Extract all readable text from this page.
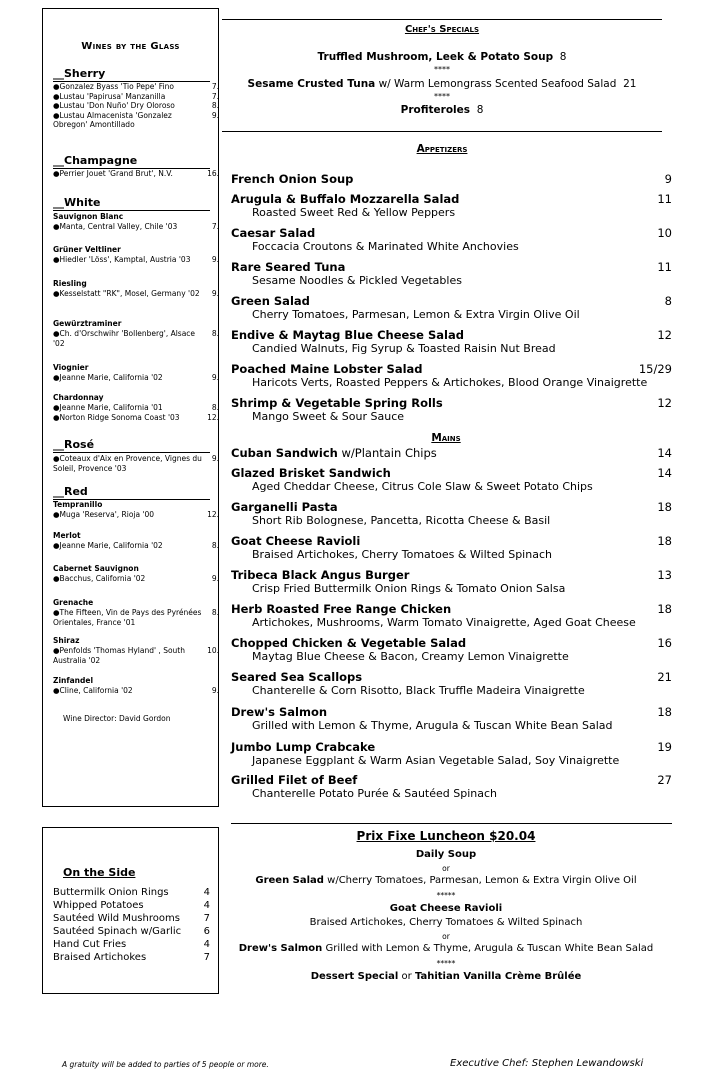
Wines by the Glass
__Sherry
●Gonzalez Byass 'Tio Pepe' Fino	7.
●Lustau 'Papirusa' Manzanilla	7.
●Lustau 'Don Nuño' Dry Oloroso	8.
●Lustau Almacenista 'Gonzalez Obregon' Amontillado
9.
__Champagne
●Perrier Jouet 'Grand Brut', N.V.	16.
__White
Sauvignon Blanc
●Manta, Central Valley, Chile '03	7.
Grüner Veltliner
●Hiedler 'Löss', Kamptal, Austria '03	9.
Riesling
●Kesselstatt "RK", Mosel, Germany '02	9.
Gewürztraminer
●Ch. d'Orschwihr 'Bollenberg', Alsace '02
8.
Viognier
●Jeanne Marie, California '02	9.
Chardonnay
●Jeanne Marie, California '01	8.
●Norton Ridge Sonoma Coast '03	12.
__Rosé
●Coteaux d'Aix en Provence, Vignes du Soleil, Provence '03
9.
__Red
Tempranillo
●Muga 'Reserva', Rioja '00	12.
Merlot
●Jeanne Marie, California '02	8.
Cabernet Sauvignon
●Bacchus, California '02	9.
Grenache
●The Fifteen, Vin de Pays des Pyrénées Orientales, France '01
8.
Shiraz
●Penfolds 'Thomas Hyland' , South Australia '02
10.
Zinfandel
●Cline, California '02	9.
Wine Director: David Gordon
On the Side
Buttermilk Onion Rings	4
Whipped Potatoes	4
Sautéed Wild Mushrooms 7
Sautéed Spinach w/Garlic 6
Hand Cut Fries	4
Braised Artichokes	7
Chef's Specials
Truffled Mushroom, Leek & Potato Soup 8
****
Sesame Crusted Tuna w/ Warm Lemongrass Scented Seafood Salad 21
****
Profiteroles 8
Appetizers
French Onion Soup	9
Arugula & Buffalo Mozzarella Salad
Roasted Sweet Red & Yellow Peppers
11
Caesar Salad
Foccacia Croutons & Marinated White Anchovies
10
Rare Seared Tuna
Sesame Noodles & Pickled Vegetables
11
Green Salad
Cherry Tomatoes, Parmesan, Lemon & Extra Virgin Olive Oil
8
Endive & Maytag Blue Cheese Salad
Candied Walnuts, Fig Syrup & Toasted Raisin Nut Bread
12
Poached Maine Lobster Salad
Haricots Verts, Roasted Peppers & Artichokes, Blood Orange Vinaigrette
15/29
Shrimp & Vegetable Spring Rolls
Mango Sweet & Sour Sauce
12
Mains
Cuban Sandwich w/Plantain Chips	14
Glazed Brisket Sandwich
Aged Cheddar Cheese, Citrus Cole Slaw & Sweet Potato Chips
14
Garganelli Pasta
Short Rib Bolognese, Pancetta, Ricotta Cheese & Basil
18
Goat Cheese Ravioli
Braised Artichokes, Cherry Tomatoes & Wilted Spinach
18
Tribeca Black Angus Burger
Crisp Fried Buttermilk Onion Rings & Tomato Onion Salsa
13
Herb Roasted Free Range Chicken
Artichokes, Mushrooms, Warm Tomato Vinaigrette, Aged Goat Cheese
18
Chopped Chicken & Vegetable Salad
Maytag Blue Cheese & Bacon, Creamy Lemon Vinaigrette
16
Seared Sea Scallops
Chanterelle & Corn Risotto, Black Truffle Madeira Vinaigrette
21
Drew's Salmon
Grilled with Lemon & Thyme, Arugula & Tuscan White Bean Salad
18
Jumbo Lump Crabcake
Japanese Eggplant & Warm Asian Vegetable Salad, Soy Vinaigrette
19
Grilled Filet of Beef
Chanterelle Potato Purée & Sautéed Spinach
27
Prix Fixe Luncheon $20.04
Daily Soup
or
Green Salad w/Cherry Tomatoes, Parmesan, Lemon & Extra Virgin Olive Oil
*****
Goat Cheese Ravioli
Braised Artichokes, Cherry Tomatoes & Wilted Spinach
or
Drew's Salmon Grilled with Lemon & Thyme, Arugula & Tuscan White Bean Salad
*****
Dessert Special or Tahitian Vanilla Crème Brûlée
A gratuity will be added to parties of 5 people or more.	Executive Chef: Stephen Lewandowski
